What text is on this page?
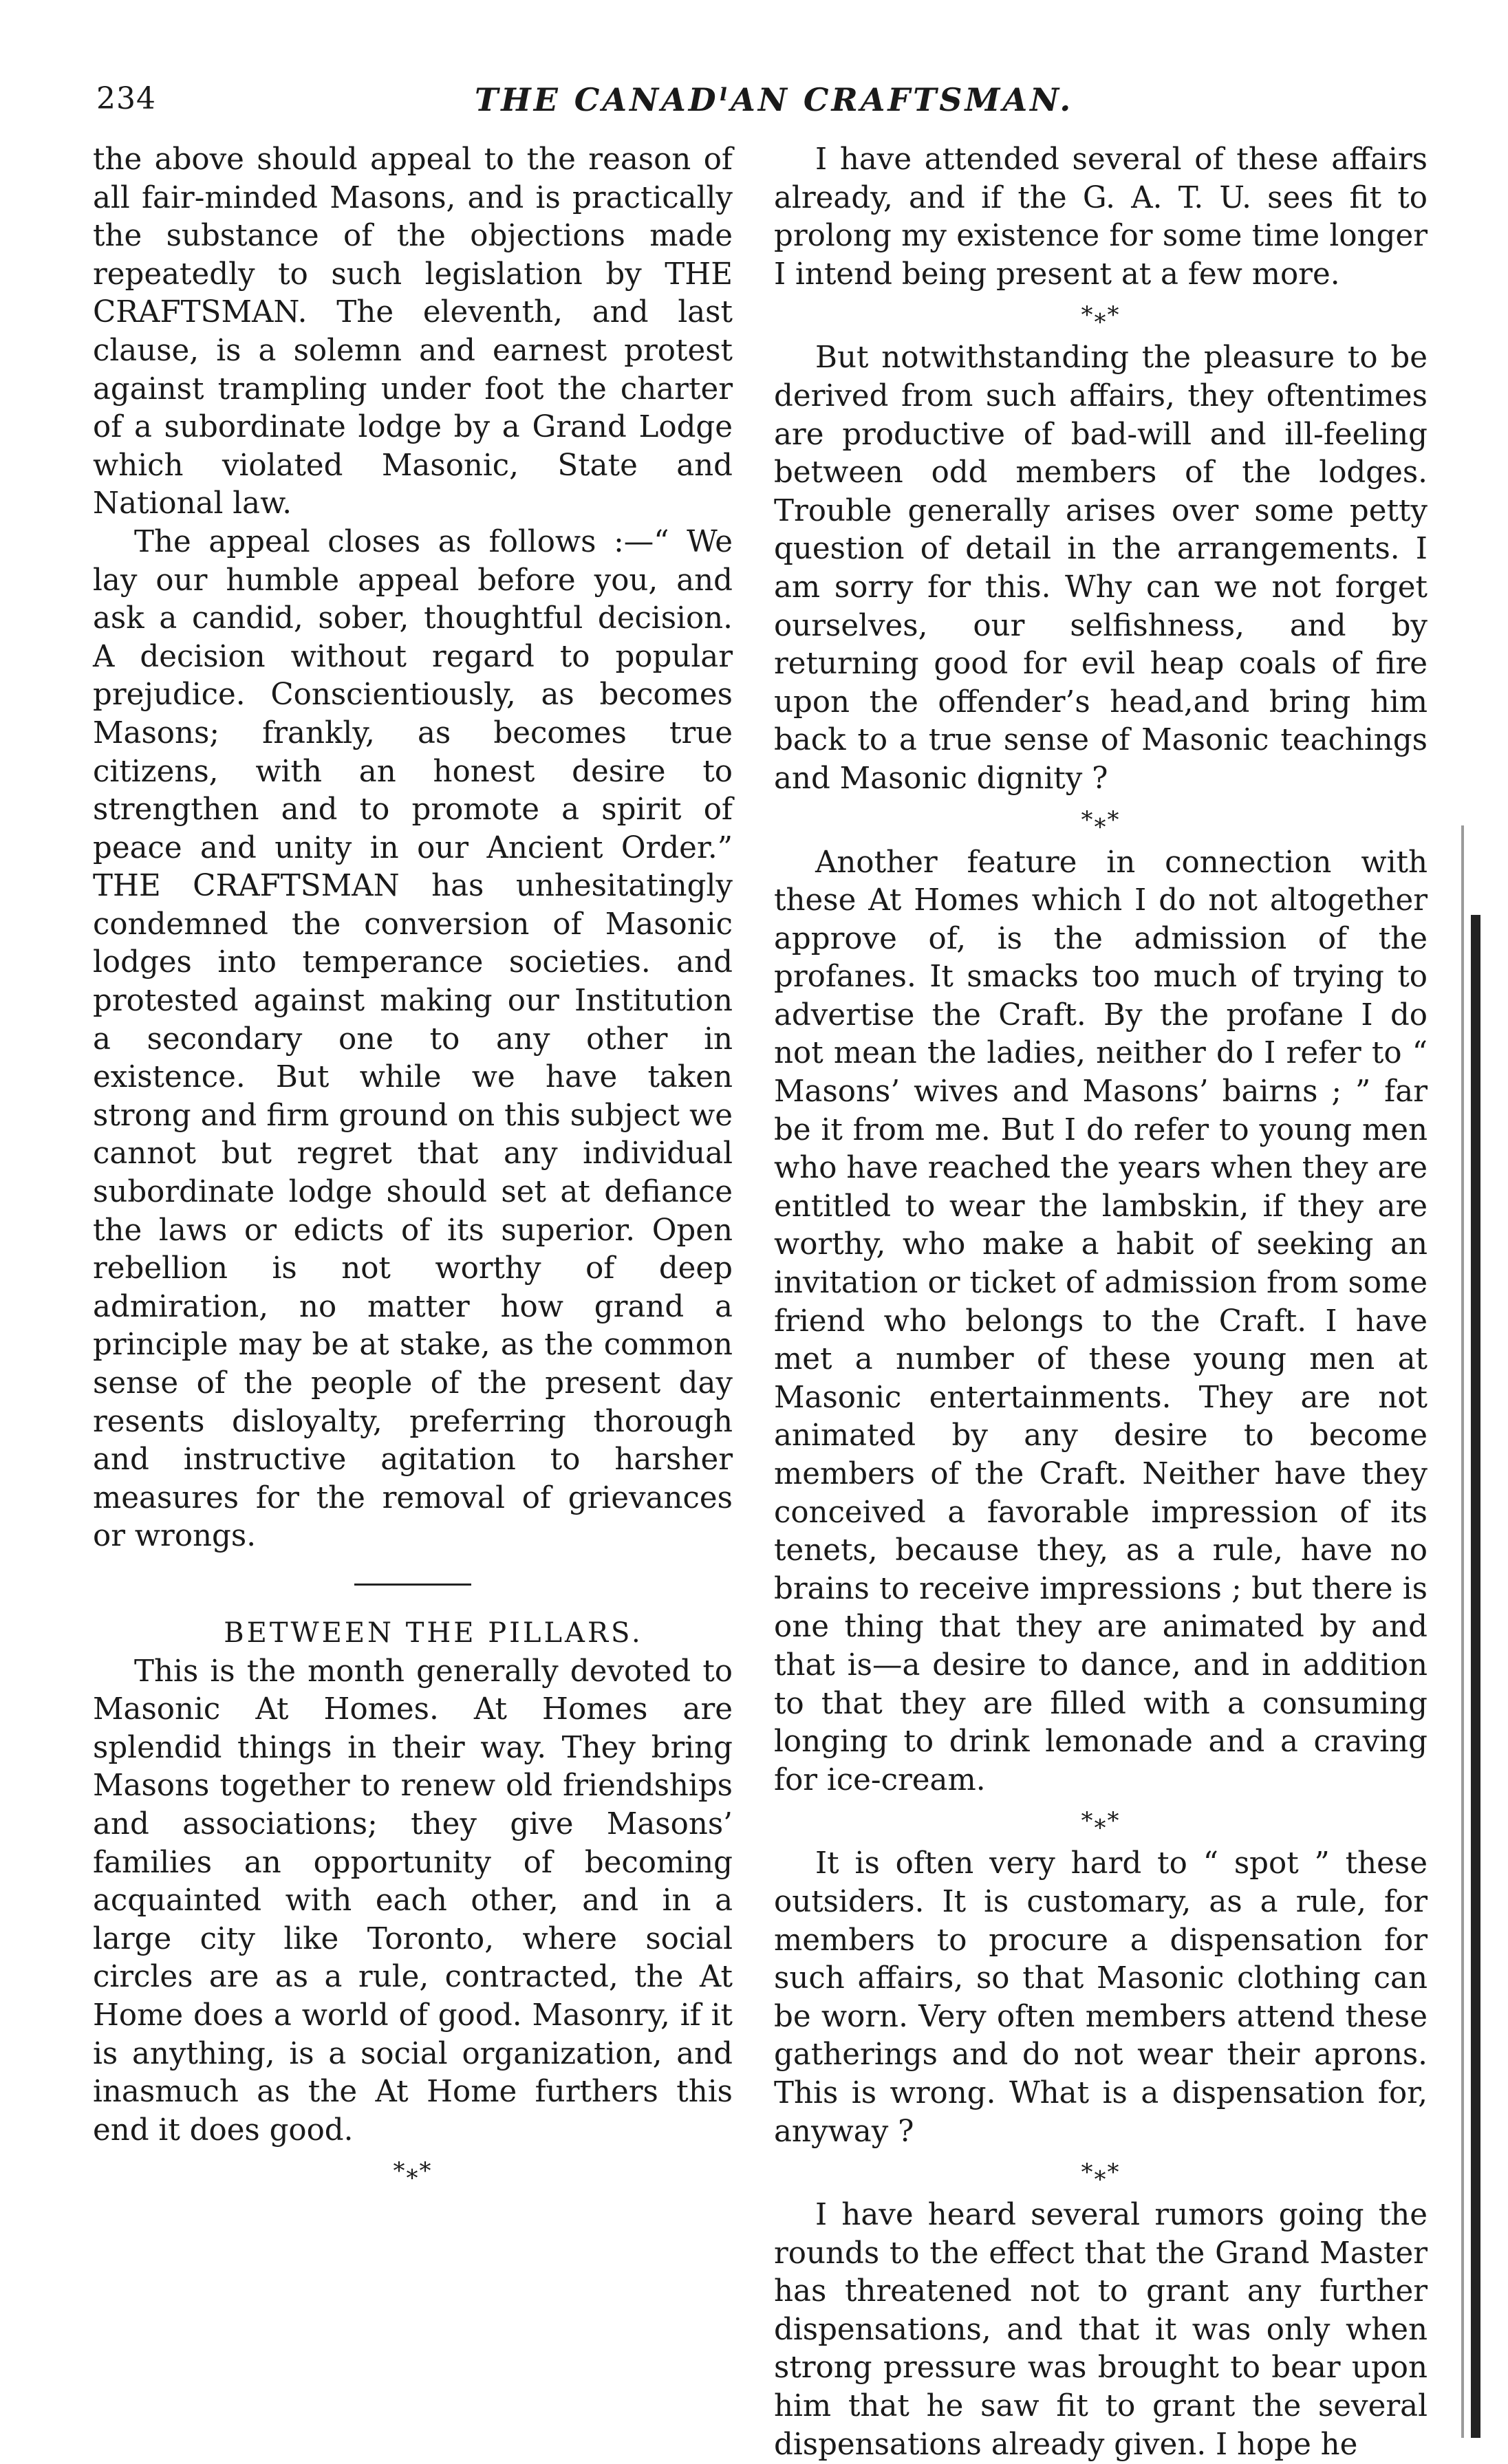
234	THE CANADˡAN CRAFTSMAN.

the above should appeal to the reason of all fair-minded Masons, and is practically the substance of the objections made repeatedly to such legislation by THE CRAFTSMAN. The eleventh, and last clause, is a solemn and earnest protest against trampling under foot the charter of a subordinate lodge by a Grand Lodge which violated Masonic, State and National law.

The appeal closes as follows :—“ We lay our humble appeal before you, and ask a candid, sober, thoughtful decision. A decision without regard to popular prejudice. Conscientiously, as becomes Masons; frankly, as becomes true citizens, with an honest desire to strengthen and to promote a spirit of peace and unity in our Ancient Order.” THE CRAFTSMAN has unhesitatingly condemned the conversion of Masonic lodges into temperance societies. and protested against making our Institution a secondary one to any other in existence. But while we have taken strong and firm ground on this subject we cannot but regret that any individual subordinate lodge should set at defiance the laws or edicts of its superior. Open rebellion is not worthy of deep admiration, no matter how grand a principle may be at stake, as the common sense of the people of the present day resents disloyalty, preferring thorough and instructive agitation to harsher measures for the removal of grievances or wrongs.

BETWEEN THE PILLARS.

This is the month generally devoted to Masonic At Homes. At Homes are splendid things in their way. They bring Masons together to renew old friendships and associations; they give Masons’ families an opportunity of becoming acquainted with each other, and in a large city like Toronto, where social circles are as a rule, contracted, the At Home does a world of good. Masonry, if it is anything, is a social organization, and inasmuch as the At Home furthers this end it does good.

*⁎*

I have attended several of these affairs already, and if the G. A. T. U. sees fit to prolong my existence for some time longer I intend being present at a few more.

*⁎*

But notwithstanding the pleasure to be derived from such affairs, they oftentimes are productive of bad-will and ill-feeling between odd members of the lodges. Trouble generally arises over some petty question of detail in the arrangements. I am sorry for this. Why can we not forget ourselves, our selfishness, and by returning good for evil heap coals of fire upon the offender’s head,and bring him back to a true sense of Masonic teachings and Masonic dignity ?

*⁎*

Another feature in connection with these At Homes which I do not altogether approve of, is the admission of the profanes. It smacks too much of trying to advertise the Craft. By the profane I do not mean the ladies, neither do I refer to “ Masons’ wives and Masons’ bairns ; ” far be it from me. But I do refer to young men who have reached the years when they are entitled to wear the lambskin, if they are worthy, who make a habit of seeking an invitation or ticket of admission from some friend who belongs to the Craft. I have met a number of these young men at Masonic entertainments. They are not animated by any desire to become members of the Craft. Neither have they conceived a favorable impression of its tenets, because they, as a rule, have no brains to receive impressions ; but there is one thing that they are animated by and that is—a desire to dance, and in addition to that they are filled with a consuming longing to drink lemonade and a craving for ice-cream.

*⁎*

It is often very hard to “ spot ” these outsiders. It is customary, as a rule, for members to procure a dispensation for such affairs, so that Masonic clothing can be worn. Very often members attend these gatherings and do not wear their aprons. This is wrong. What is a dispensation for, anyway ?

*⁎*

I have heard several rumors going the rounds to the effect that the Grand Master has threatened not to grant any further dispensations, and that it was only when strong pressure was brought to bear upon him that he saw fit to grant the several dispensations already given. I hope he
